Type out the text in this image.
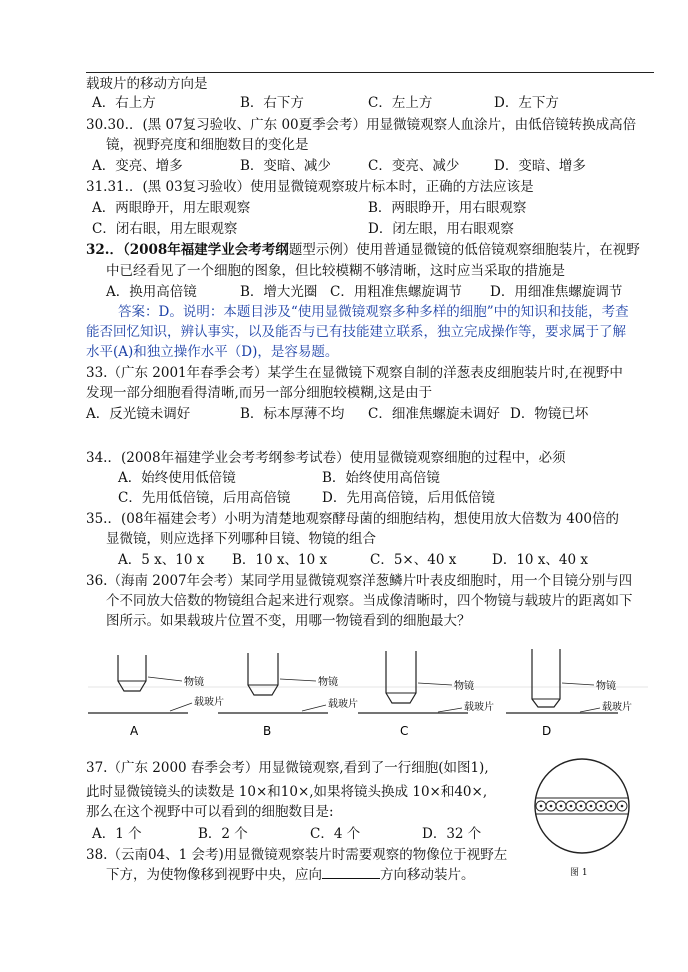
载玻片的移动方向是
A．右上方	B．右下方	C．左上方	D．左下方
30.30.．(黑 07复习验收、广东 00夏季会考）用显微镜观察人血涂片，由低倍镜转换成高倍
镜，视野亮度和细胞数目的变化是
A．变亮、增多	B．变暗、减少	C．变亮、减少	D．变暗、增多
31.31.．(黑 03复习验收）使用显微镜观察玻片标本时，正确的方法应该是
A．两眼睁开，用左眼观察	B．两眼睁开，用右眼观察
C．闭右眼，用左眼观察	D．闭左眼，用右眼观察
32.．（2008年福建学业会考考纲题型示例）使用普通显微镜的低倍镜观察细胞装片，在视野
中已经看见了一个细胞的图象，但比较模糊不够清晰，这时应当采取的措施是
A．换用高倍镜	B．增大光圈 C．用粗准焦螺旋调节 D．用细准焦螺旋调节
答案：D。说明：本题目涉及“使用显微镜观察多种多样的细胞”中的知识和技能，考查
能否回忆知识，辨认事实，以及能否与已有技能建立联系，独立完成操作等，要求属于了解
水平(A)和独立操作水平（D)，是容易题。
33.（广东 2001年春季会考）某学生在显微镜下观察自制的洋葱表皮细胞装片时,在视野中
发现一部分细胞看得清晰,而另一部分细胞较模糊,这是由于
A．反光镜未调好	B．标本厚薄不均 C．细准焦螺旋未调好 D．物镜已坏
34.．(2008年福建学业会考考纲参考试卷）使用显微镜观察细胞的过程中，必须
A．始终使用低倍镜	B．始终使用高倍镜
C．先用低倍镜，后用高倍镜 D．先用高倍镜，后用低倍镜
35.．(08年福建会考）小明为清楚地观察酵母菌的细胞结构，想使用放大倍数为 400倍的
显微镜，则应选择下列哪种目镜、物镜的组合
A．5 x、10 x B．10 x、10 x	C．5×、40 x	D．10 x、40 x
36.（海南 2007年会考）某同学用显微镜观察洋葱鳞片叶表皮细胞时，用一个目镜分别与四
个不同放大倍数的物镜组合起来进行观察。当成像清晰时，四个物镜与载玻片的距离如下
图所示。如果载玻片位置不变，用哪一物镜看到的细胞最大？
物镜
载玻片
A
物镜
载玻片
B
物镜
载玻片
C
物镜
载玻片
D
37.（广东 2000 春季会考）用显微镜观察,看到了一行细胞(如图1),
此时显微镜镜头的读数是 10×和10×,如果将镜头换成 10×和40×,
那么在这个视野中可以看到的细胞数目是:
A．1 个	B．2 个	C．4 个	D．32 个
图 1
38.（云南04、1 会考)用显微镜观察装片时需要观察的物像位于视野左
下方，为使物像移到视野中央，应向	方向移动装片。
